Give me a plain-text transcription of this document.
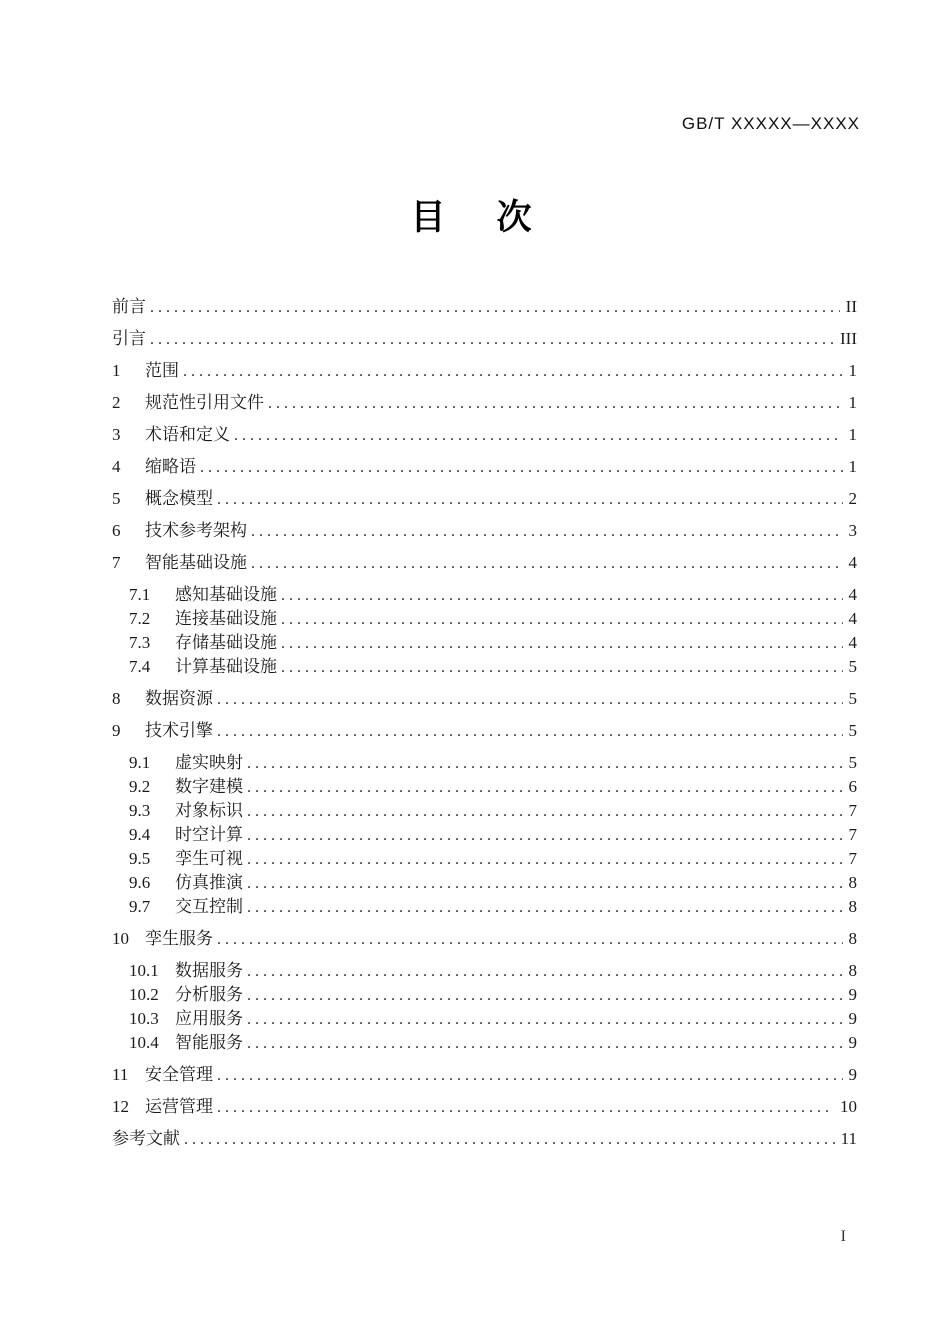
GB/T XXXXX—XXXX
目　次
前言 . . .	II
引言 . . .	III
1	范围 . . .	1
2	规范性引用文件 . . .	1
3	术语和定义 . . .	1
4	缩略语 . . .	1
5	概念模型 . . .	2
6	技术参考架构 . . .	3
7	智能基础设施 . . .	4
7.1	感知基础设施 . . .	4
7.2	连接基础设施 . . .	4
7.3	存储基础设施 . . .	4
7.4	计算基础设施 . . .	5
8	数据资源 . . .	5
9	技术引擎 . . .	5
9.1	虚实映射 . . .	5
9.2	数字建模 . . .	6
9.3	对象标识 . . .	7
9.4	时空计算 . . .	7
9.5	孪生可视 . . .	7
9.6	仿真推演 . . .	8
9.7	交互控制 . . .	8
10 孪生服务 . . .	8
10.1 数据服务 . . .	8
10.2 分析服务 . . .	9
10.3 应用服务 . . .	9
10.4 智能服务 . . .	9
11 安全管理 . . .	9
12 运营管理 . . .	10
参考文献 . . .	11
I
